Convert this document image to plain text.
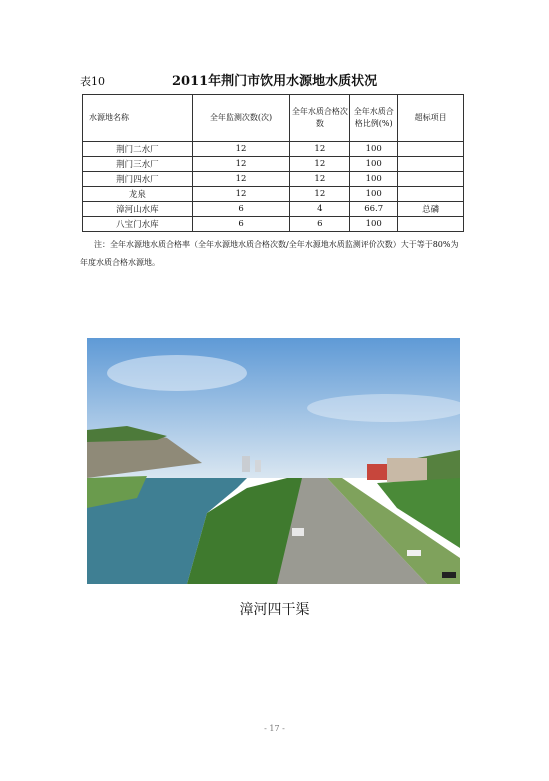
表10	2011年荆门市饮用水源地水质状况
水源地名称	全年监测次数(次)	全年水质合格次数	全年水质合格比例(%)	超标项目
荆门二水厂	12	12	100	
荆门三水厂	12	12	100	
荆门四水厂	12	12	100	
龙泉	12	12	100	
漳河山水库	6	4	66.7	总磷
八宝门水库	6	6	100	
注：全年水源地水质合格率（全年水源地水质合格次数/全年水源地水质监测评价次数）大于等于80%为年度水质合格水源地。
漳河四干渠
- 17 -
